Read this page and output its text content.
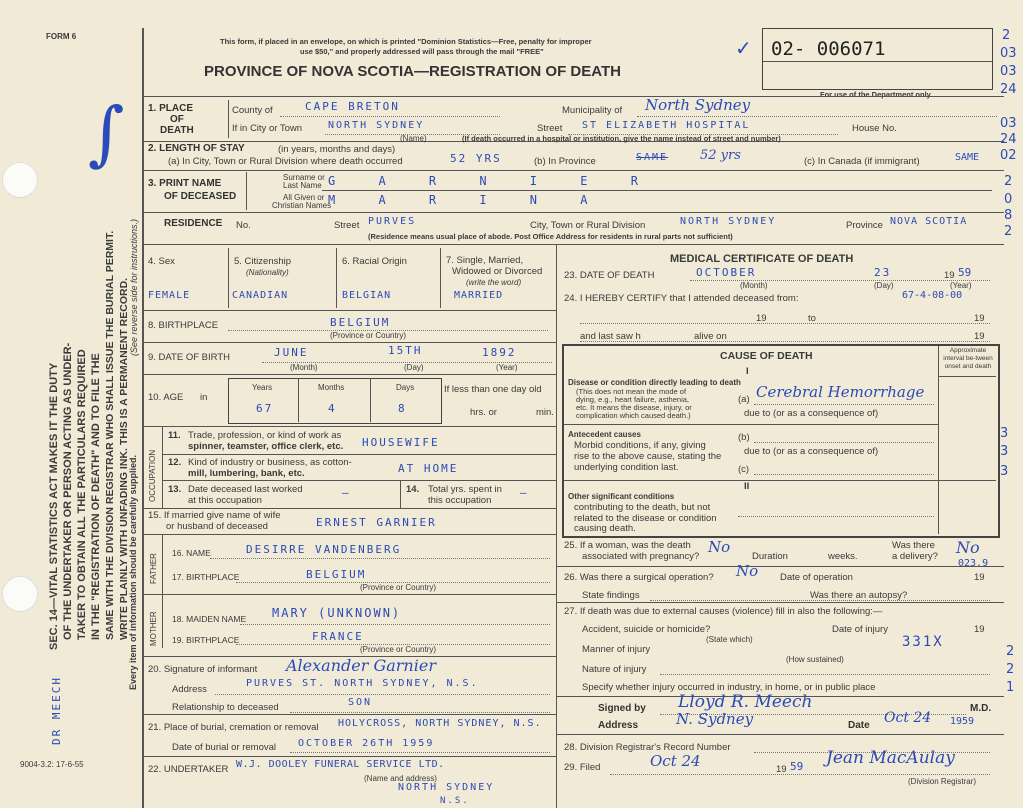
FORM 6
This form, if placed in an envelope, on which is printed "Dominion Statistics—Free, penalty for improper
use $50," and properly addressed will pass through the mail "FREE"
PROVINCE OF NOVA SCOTIA—REGISTRATION OF DEATH
02- 006071
✓
For use of the Department only
2
03
03
24
03
24
02
2
0
8
2
SEC. 14—VITAL STATISTICS ACT MAKES IT THE DUTY OF THE UNDERTAKER OR PERSON ACTING AS UNDER- TAKER TO OBTAIN ALL THE PARTICULARS REQUIRED IN THE "REGISTRATION OF DEATH" AND TO FILE THE SAME WITH THE DIVISION REGISTRAR WHO SHALL ISSUE THE BURIAL PERMIT. WRITE PLAINLY WITH UNFADING INK. THIS IS A PERMANENT RECORD.
Every item of information should be carefully supplied.
(See reverse side for instructions.)
DR MEECH
∫
9004-3.2: 17-6-55
1. PLACE
OF
DEATH
County of	CAPE BRETON	Municipality of North Sydney
If in City or Town	NORTH SYDNEY
(Name)
Street ST ELIZABETH HOSPITAL	House No.
(If death occurred in a hospital or institution, give the name instead of street and number)
2. LENGTH OF STAY	(in years, months and days)
(a) In City, Town or Rural Division where death occurred	52 YRS	(b) In Province	SAME 52 yrs	(c) In Canada (if immigrant)	SAME
3. PRINT NAME
OF DECEASED
Surname or
Last Name
All Given or
Christian Names
G A R N I E R
M A R I N A
RESIDENCE No.	Street PURVES	City, Town or Rural Division	NORTH SYDNEY	Province NOVA SCOTIA
(Residence means usual place of abode. Post Office Address for residents in rural parts not sufficient)
4. Sex	5. Citizenship
(Nationality)
6. Racial Origin	7. Single, Married,
Widowed or Divorced
(write the word)
FEMALE	CANADIAN	BELGIAN	MARRIED
8. BIRTHPLACE	BELGIUM
(Province or Country)
9. DATE OF BIRTH	JUNE	15TH	1892
(Month)	(Day)	(Year)
10. AGE in
Years	Months	Days
67	4	8
If less than one day old
hrs. or	min.
OCCUPATION
11. Trade, profession, or kind of work as
spinner, teamster, office clerk, etc. HOUSEWIFE
12. Kind of industry or business, as cotton-
mill, lumbering, bank, etc.	AT HOME
13. Date deceased last worked
at this occupation
—	14. Total yrs. spent in
this occupation
—
15. If married give name of wife
or husband of deceased	ERNEST GARNIER
FATHER
16. NAME	DESIRRE VANDENBERG
17. BIRTHPLACE	BELGIUM
(Province or Country)
MOTHER 18. MAIDEN NAME MARY (UNKNOWN)
19. BIRTHPLACE	FRANCE
(Province or Country)
20. Signature of informant Alexander Garnier
Address
PURVES ST. NORTH SYDNEY, N.S.
Relationship to deceased	SON
21. Place of burial, cremation or removal HOLYCROSS, NORTH SYDNEY, N.S.
Date of burial or removal OCTOBER 26TH 1959
22. UNDERTAKER W.J. DOOLEY FUNERAL SERVICE LTD.
(Name and address)
NORTH SYDNEY
N.S.
MEDICAL CERTIFICATE OF DEATH
23. DATE OF DEATH	OCTOBER	23	19 59
(Month)	(Day)	(Year)
24. I HEREBY CERTIFY that I attended deceased from:	67-4-08-00
19	to	19
and last saw h	alive on	19
CAUSE OF DEATH	Approximate interval be-tween onset and death
I
Disease or condition directly leading to death
(This does not mean the mode of
dying, e.g., heart failure, asthenia,
etc. It means the disease, injury, or
complication which caused death.)
(a) Cerebral Hemorrhage
due to (or as a consequence of)
Antecedent causes
Morbid conditions, if any, giving
rise to the above cause, stating the
underlying condition last.
(b)
due to (or as a consequence of)
(c)
II
Other significant conditions
contributing to the death, but not
related to the disease or condition
causing death.
3
3
3
25. If a woman, was the death
associated with pregnancy?
No
Duration	weeks.
Was there
a delivery? No
023.9
26. Was there a surgical operation? No Date of operation	19
State findings	Was there an autopsy?
27. If death was due to external causes (violence) fill in also the following:—
Accident, suicide or homicide?	Date of injury	19
(State which)
Manner of injury	331X
(How sustained)
Nature of injury
Specify whether injury occurred in industry, in home, or in public place
2
2
1
Signed by Lloyd R. Meech	M.D.
Address	N. Sydney	Date Oct 24 1959
28. Division Registrar's Record Number
29. Filed	Oct 24	19 59 Jean MacAulay
(Division Registrar)
